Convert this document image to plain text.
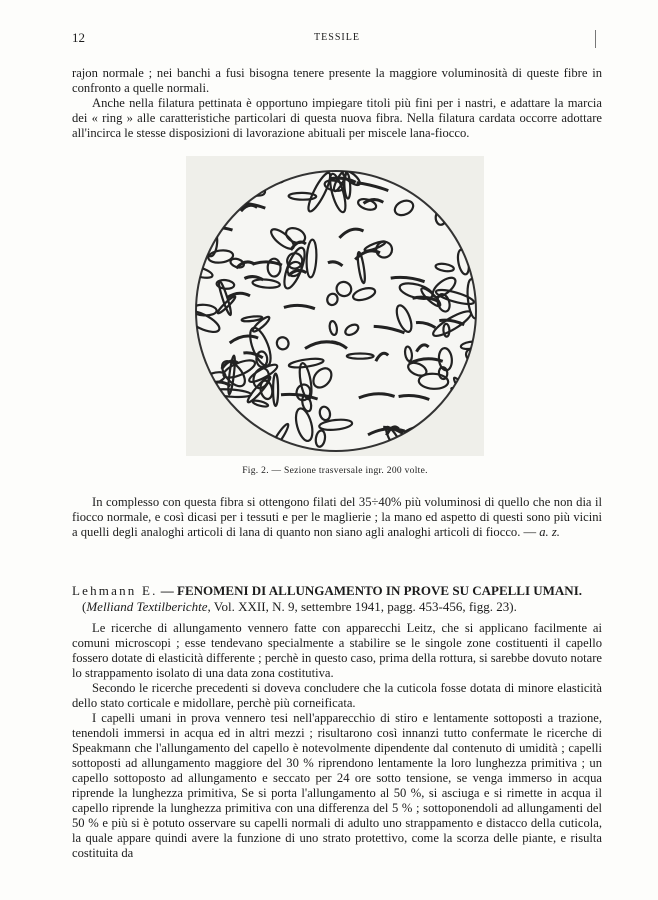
12	TESSILE

rajon normale ; nei banchi a fusi bisogna tenere presente la maggiore voluminosità di queste fibre in confronto a quelle normali.

Anche nella filatura pettinata è opportuno impiegare titoli più fini per i nastri, e adattare la marcia dei « ring » alle caratteristiche particolari di questa nuova fibra. Nella filatura cardata occorre adottare all'incirca le stesse disposizioni di lavorazione abituali per miscele lana-fiocco.

Fig. 2. — Sezione trasversale ingr. 200 volte.

In complesso con questa fibra si ottengono filati del 35÷40% più voluminosi di quello che non dia il fiocco normale, e così dicasi per i tessuti e per le maglierie ; la mano ed aspetto di questi sono più vicini a quelli degli analoghi articoli di lana di quanto non siano agli analoghi articoli di fiocco. — a. z.

Lehmann E. — FENOMENI DI ALLUNGAMENTO IN PROVE SU CAPELLI UMANI.
(Melliand Textilberichte, Vol. XXII, N. 9, settembre 1941, pagg. 453-456, figg. 23).

Le ricerche di allungamento vennero fatte con apparecchi Leitz, che si applicano facilmente ai comuni microscopi ; esse tendevano specialmente a stabilire se le singole zone costituenti il capello fossero dotate di elasticità differente ; perchè in questo caso, prima della rottura, si sarebbe dovuto notare lo strappamento isolato di una data zona costitutiva.

Secondo le ricerche precedenti si doveva concludere che la cuticola fosse dotata di minore elasticità dello stato corticale e midollare, perchè più corneificata.

I capelli umani in prova vennero tesi nell'apparecchio di stiro e lentamente sottoposti a trazione, tenendoli immersi in acqua ed in altri mezzi ; risultarono così innanzi tutto confermate le ricerche di Speakmann che l'allungamento del capello è notevolmente dipendente dal contenuto di umidità ; capelli sottoposti ad allungamento maggiore del 30 % riprendono lentamente la loro lunghezza primitiva ; un capello sottoposto ad allungamento e seccato per 24 ore sotto tensione, se venga immerso in acqua riprende la lunghezza primitiva, Se si porta l'allungamento al 50 %, si asciuga e si rimette in acqua il capello riprende la lunghezza primitiva con una differenza del 5 % ; sottoponendoli ad allungamenti del 50 % e più si è potuto osservare su capelli normali di adulto uno strappamento e distacco della cuticola, la quale appare quindi avere la funzione di uno strato protettivo, come la scorza delle piante, e risulta costituita da
